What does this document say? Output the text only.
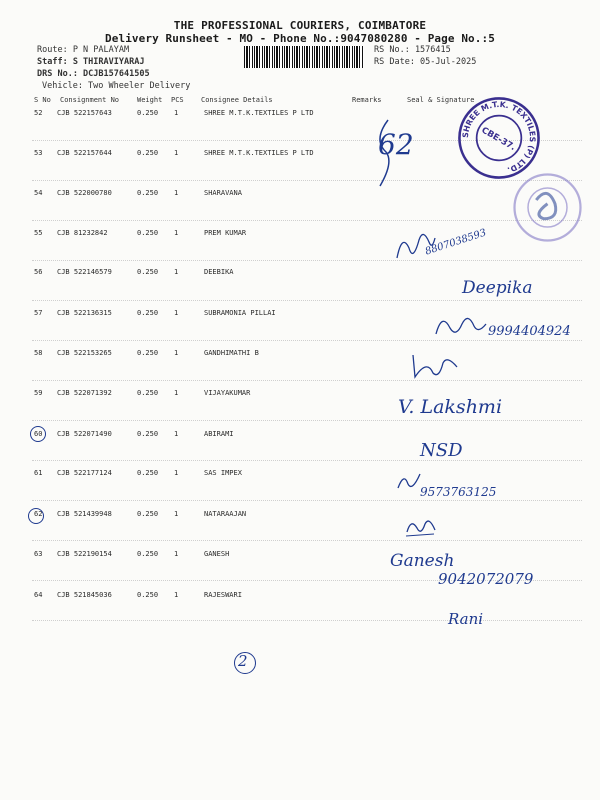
THE PROFESSIONAL COURIERS, COIMBATORE
Delivery Runsheet - MO - Phone No.:9047080280 - Page No.:5
Route: P N PALAYAM
Staff: S THIRAVIYARAJ
DRS No.: DCJB157641505
Vehicle: Two Wheeler Delivery
RS No.: 1576415
RS Date: 05-Jul-2025
S No Consignment No	Weight PCS Consignee Details	Remarks	Seal & Signature
52 CJB 522157643	0.250 1	SHREE M.T.K.TEXTILES P LTD
53 CJB 522157644	0.250 1	SHREE M.T.K.TEXTILES P LTD
54 CJB 522000780	0.250 1	SHARAVANA
55 CJB 81232842	0.250 1	PREM KUMAR
56 CJB 522146579	0.250 1	DEEBIKA
57 CJB 522136315	0.250 1	SUBRAMONIA PILLAI
58 CJB 522153265	0.250 1	GANDHIMATHI B
59 CJB 522071392	0.250 1	VIJAYAKUMAR
60 CJB 522071490	0.250 1	ABIRAMI
61 CJB 522177124	0.250 1	SAS IMPEX
62 CJB 521439948	0.250 1	NATARAAJAN
63 CJB 522190154	0.250 1	GANESH
64 CJB 521845036	0.250 1	RAJESWARI
SHREE M.T.K. TEXTILES (P) LTD.
CBE-37.
62
8807038593
Deepika
9994404924
V. Lakshmi
NSD
9573763125
Ganesh
9042072079
Rani
2
